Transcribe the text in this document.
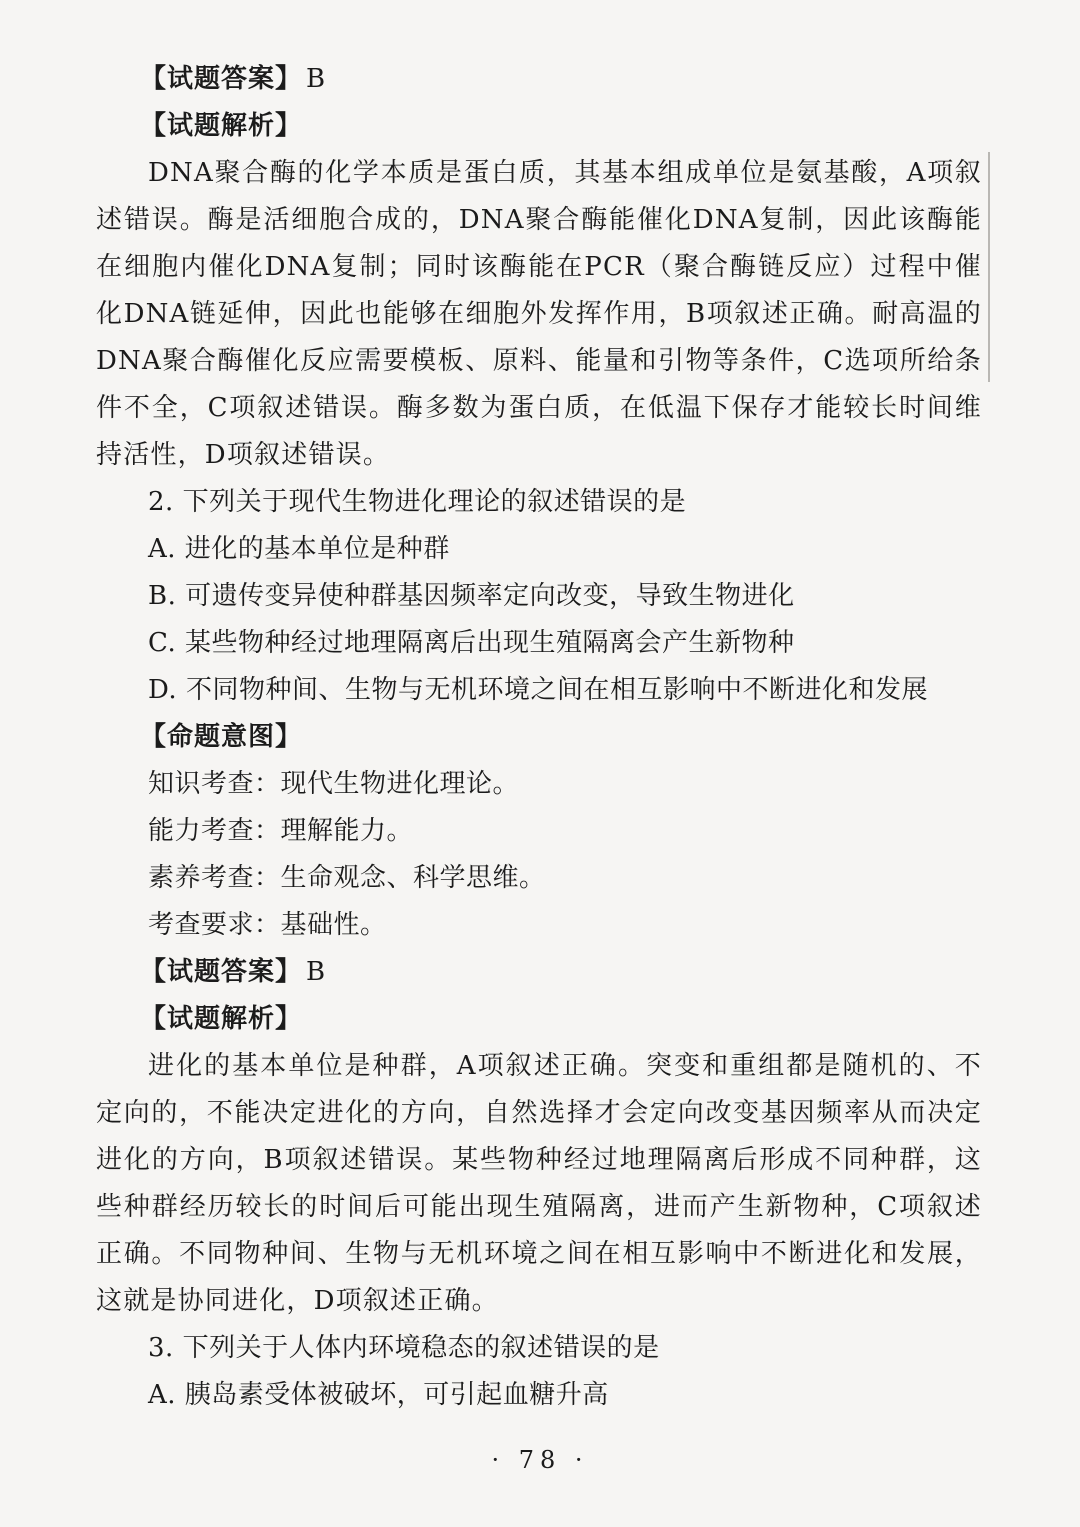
【试题答案】 B
【试题解析】
DNA聚合酶的化学本质是蛋白质，其基本组成单位是氨基酸，A项叙述错误。酶是活细胞合成的，DNA聚合酶能催化DNA复制，因此该酶能在细胞内催化DNA复制；同时该酶能在PCR（聚合酶链反应）过程中催化DNA链延伸，因此也能够在细胞外发挥作用，B项叙述正确。耐高温的DNA聚合酶催化反应需要模板、原料、能量和引物等条件，C选项所给条件不全，C项叙述错误。酶多数为蛋白质，在低温下保存才能较长时间维持活性，D项叙述错误。
2. 下列关于现代生物进化理论的叙述错误的是
A. 进化的基本单位是种群
B. 可遗传变异使种群基因频率定向改变，导致生物进化
C. 某些物种经过地理隔离后出现生殖隔离会产生新物种
D. 不同物种间、生物与无机环境之间在相互影响中不断进化和发展
【命题意图】
知识考查：现代生物进化理论。
能力考查：理解能力。
素养考查：生命观念、科学思维。
考查要求：基础性。
【试题答案】 B
【试题解析】
进化的基本单位是种群，A项叙述正确。突变和重组都是随机的、不定向的，不能决定进化的方向，自然选择才会定向改变基因频率从而决定进化的方向，B项叙述错误。某些物种经过地理隔离后形成不同种群，这些种群经历较长的时间后可能出现生殖隔离，进而产生新物种，C项叙述正确。不同物种间、生物与无机环境之间在相互影响中不断进化和发展，这就是协同进化，D项叙述正确。
3. 下列关于人体内环境稳态的叙述错误的是
A. 胰岛素受体被破坏，可引起血糖升高
· 78 ·
